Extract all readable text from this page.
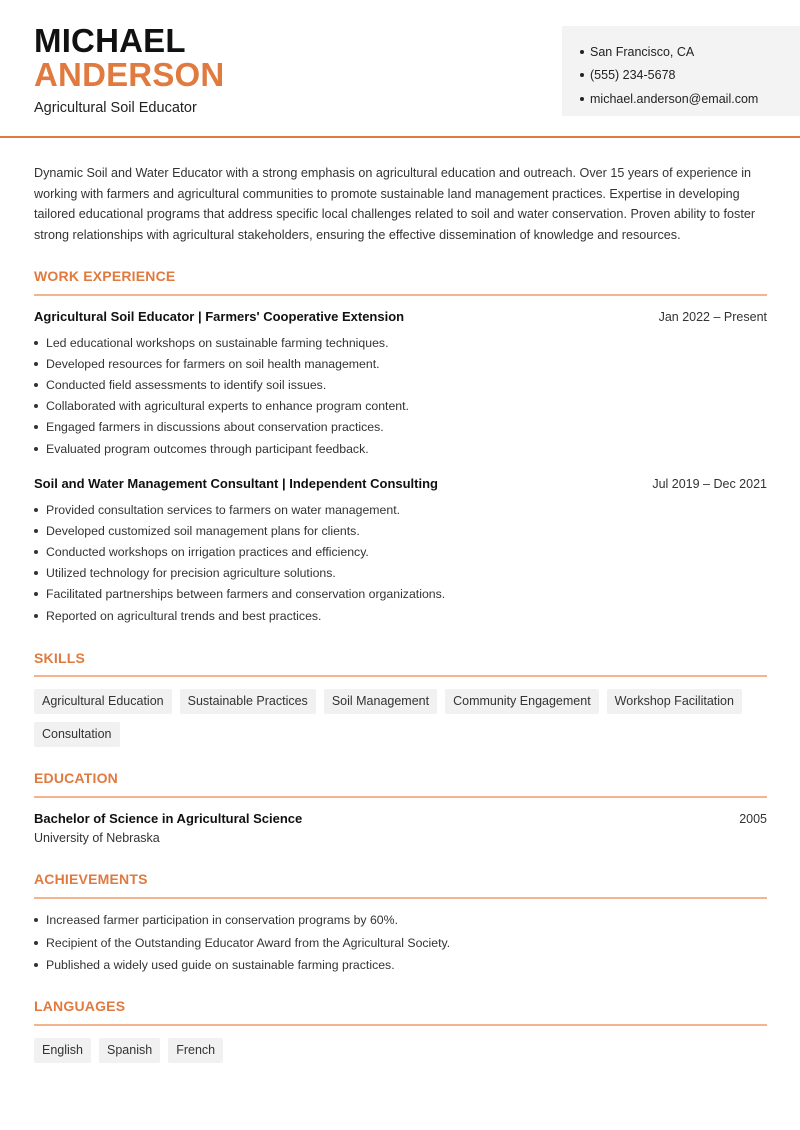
MICHAEL
ANDERSON
Agricultural Soil Educator
San Francisco, CA
(555) 234-5678
michael.anderson@email.com

Dynamic Soil and Water Educator with a strong emphasis on agricultural education and outreach. Over 15 years of experience in working with farmers and agricultural communities to promote sustainable land management practices. Expertise in developing tailored educational programs that address specific local challenges related to soil and water conservation. Proven ability to foster strong relationships with agricultural stakeholders, ensuring the effective dissemination of knowledge and resources.

WORK EXPERIENCE
Agricultural Soil Educator | Farmers' Cooperative Extension	Jan 2022 – Present
Led educational workshops on sustainable farming techniques.
Developed resources for farmers on soil health management.
Conducted field assessments to identify soil issues.
Collaborated with agricultural experts to enhance program content.
Engaged farmers in discussions about conservation practices.
Evaluated program outcomes through participant feedback.
Soil and Water Management Consultant | Independent Consulting	Jul 2019 – Dec 2021
Provided consultation services to farmers on water management.
Developed customized soil management plans for clients.
Conducted workshops on irrigation practices and efficiency.
Utilized technology for precision agriculture solutions.
Facilitated partnerships between farmers and conservation organizations.
Reported on agricultural trends and best practices.
SKILLS
Agricultural Education	Sustainable Practices	Soil Management	Community Engagement	Workshop Facilitation
Consultation
EDUCATION
Bachelor of Science in Agricultural Science	2005
University of Nebraska
ACHIEVEMENTS
Increased farmer participation in conservation programs by 60%.
Recipient of the Outstanding Educator Award from the Agricultural Society.
Published a widely used guide on sustainable farming practices.
LANGUAGES
English	Spanish	French
